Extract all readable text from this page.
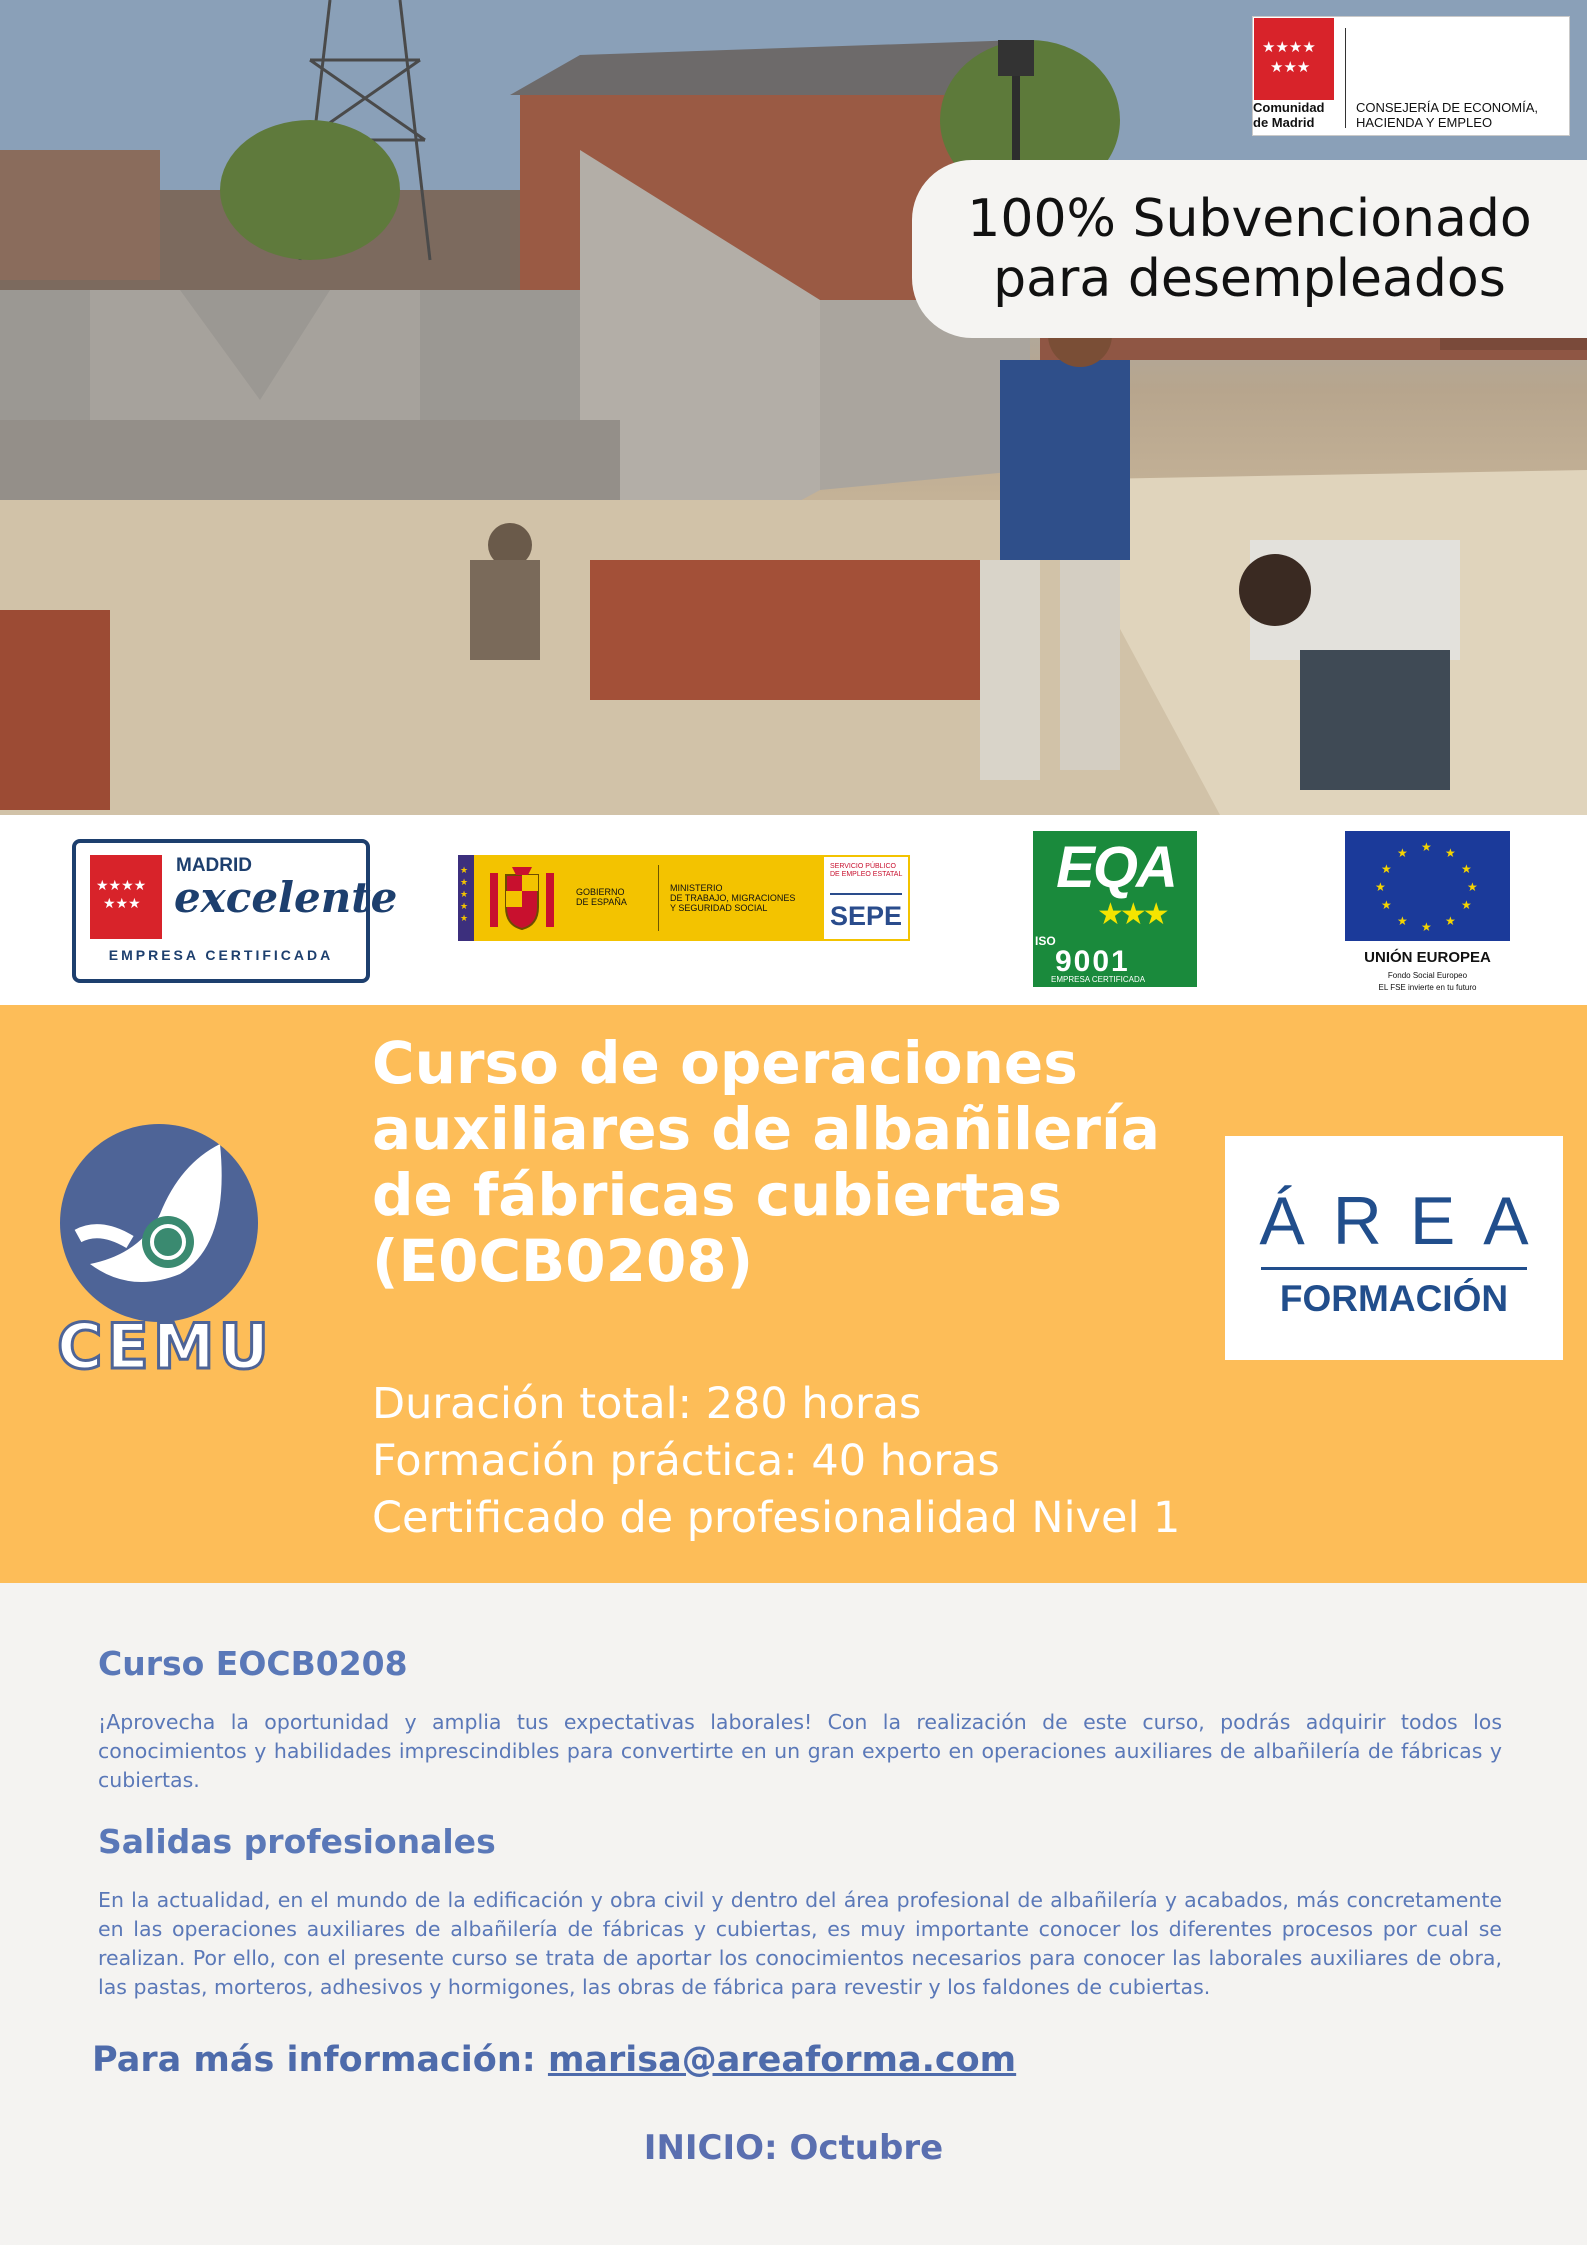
★★★★
★★★
Comunidad
de Madrid
CONSEJERÍA DE ECONOMÍA,
HACIENDA Y EMPLEO
100% Subvencionado
para desempleados
★★★★
★★★
MADRID
excelente
EMPRESA CERTIFICADA
★
★
★
★
★
GOBIERNO
DE ESPAÑA
MINISTERIO
DE TRABAJO, MIGRACIONES
Y SEGURIDAD SOCIAL
SERVICIO PÚBLICO
DE EMPLEO ESTATAL
SEPE
EQA
★★★
ISO
9001
EMPRESA CERTIFICADA
★ ★
★
★
★
★
★
★
★
★
★
★
UNIÓN EUROPEA
Fondo Social Europeo
EL FSE invierte en tu futuro
CEMU
Curso de operaciones
auxiliares de albañilería
de fábricas cubiertas
(E0CB0208)
Duración total: 280 horas
Formación práctica: 40 horas
Certificado de profesionalidad Nivel 1
ÁREA
FORMACIÓN
Curso EOCB0208
¡Aprovecha la oportunidad y amplia tus expectativas laborales! Con la realización de este curso, podrás adquirir todos los conocimientos y habilidades imprescindibles para convertirte en un gran experto en operaciones auxiliares de albañilería de fábricas y cubiertas.
Salidas profesionales
En la actualidad, en el mundo de la edificación y obra civil y dentro del área profesional de albañilería y acabados, más concretamente en las operaciones auxiliares de albañilería de fábricas y cubiertas, es muy importante conocer los diferentes procesos por cual se realizan. Por ello, con el presente curso se trata de aportar los conocimientos necesarios para conocer las laborales auxiliares de obra, las pastas, morteros, adhesivos y hormigones, las obras de fábrica para revestir y los faldones de cubiertas.
Para más información: marisa@areaforma.com
INICIO: Octubre
